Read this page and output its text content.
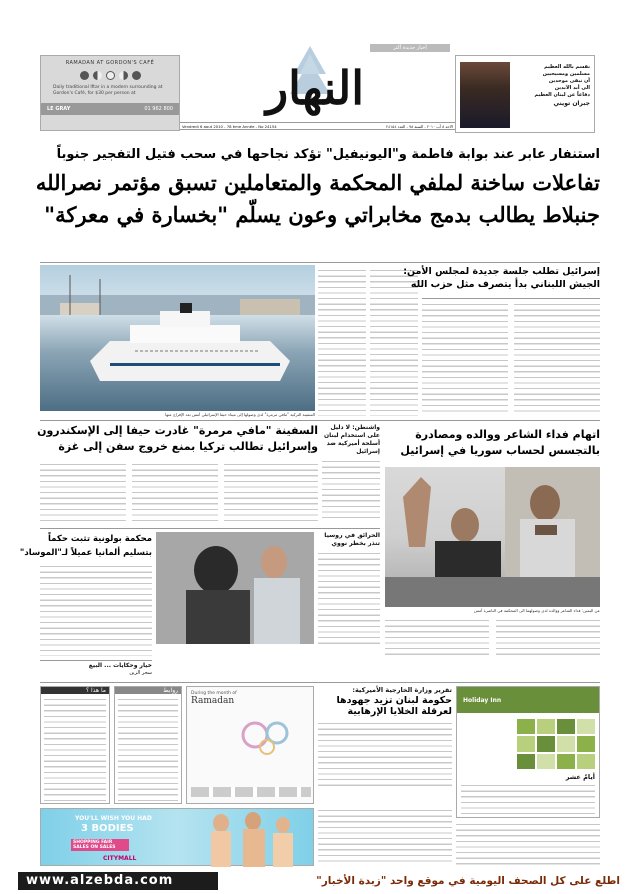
أخبار جديدة أكثر
RAMADAN AT GORDON'S CAFÉ
Daily traditional Iftar in a modern surrounding at Gordon's Café, for $30 per person at
LE GRAY	01 962 800	النهار	نقسم بالله العظيم
مسلمين ومسيحيين
أن نبقى موحدين
الى أبد الآبدين
دفاعاً عن لبنان العظيم
جبران تويني
Vendredi 6 aout 2010 - 78 ème Année - No 24154	الاحد ٨ آب ٢٠١٠ - السنة ٧٨ - العدد ٢٤١٥٤
استنفار عابر عند بوابة فاطمة و"اليونيفيل" تؤكد نجاحها في سحب فتيل التفجير جنوباً
تفاعلات ساخنة لملفي المحكمة والمتعاملين تسبق مؤتمر نصرالله
جنبلاط يطالب بدمج مخابراتي وعون يسلّم "بخسارة في معركة"
السفينة التركية "مافي مرمرة" لدى وصولها إلى ميناء حيفا الإسرائيلي أمس بعد الإفراج عنها
إسرائيل تطلب جلسة جديدة لمجلس الأمن:
الجيش اللبناني بدأ يتصرف مثل حزب الله
السفينة "مافي مرمرة" غادرت حيفا إلى الإسكندرون
وإسرائيل تطالب تركيا بمنع خروج سفن إلى غزة
واشنطن: لا دليل على استخدام لبنان أسلحة أميركية ضد إسرائيل
اتهام فداء الشاعر ووالده ومصادرة
بالتجسس لحساب سوريا في إسرائيل
عن اليمين: فداء الشاعر ووالده لدى وصولهما الى المحكمة في الناصرة أمس
محكمة بولونية تثبت حكماً
بتسليم ألمانيا عميلاً لـ"الموساد"

الحرائق في روسيا تنذر بخطر نووي
خيار وحكايات ... البيع
سحر الزين
ما هذا ؟	روابط	During the month of
Ramadan
تقرير وزارة الخارجية الأميركية:
حكومة لبنان تزيد جهودها
لعرقلة الخلايا الإرهابية
Holiday Inn
أيامٌ عشر
YOU'LL WISH YOU HAD
3 BODIES
SHOPPING FAIR SALES ON SALES
CITYMALL
www.alzebda.com	اطلع على كل الصحف اليومية في موقع واحد "زبدة الأخبار"
